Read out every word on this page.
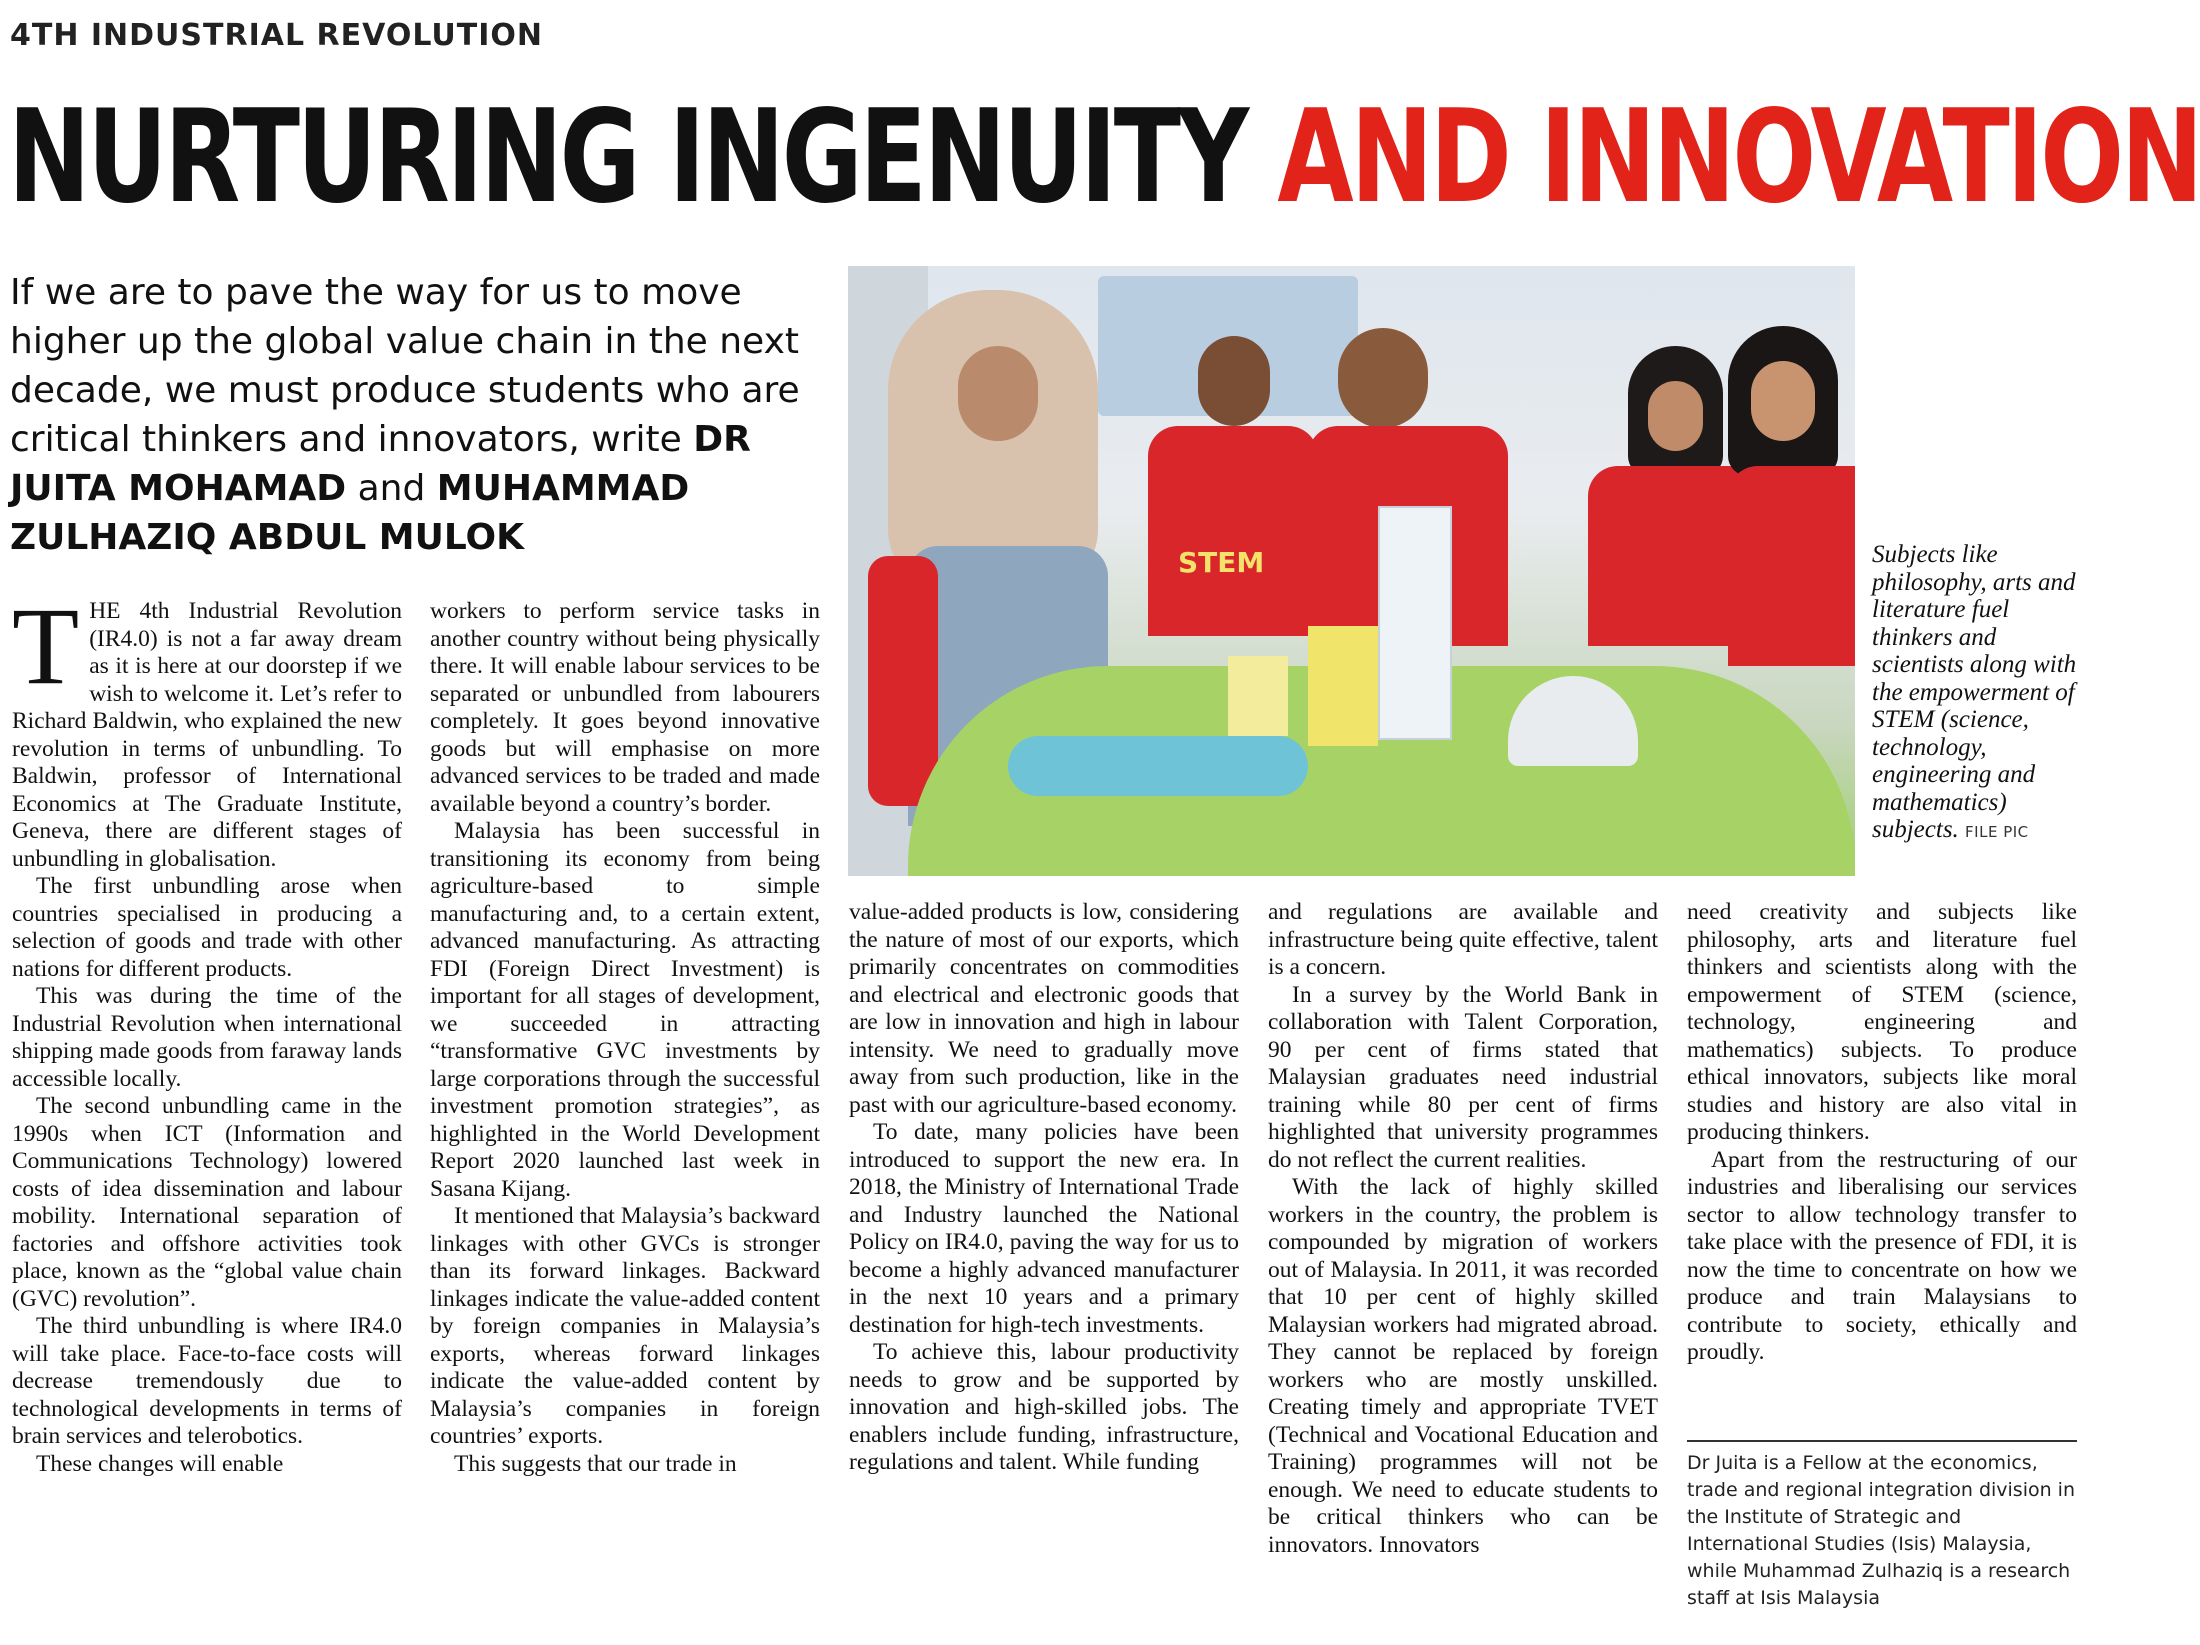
4TH INDUSTRIAL REVOLUTION
NURTURING INGENUITY AND INNOVATION
If we are to pave the way for us to move higher up the global value chain in the next decade, we must produce students who are critical thinkers and innovators, write DR JUITA MOHAMAD and MUHAMMAD ZULHAZIQ ABDUL MULOK
STEM	Subjects like philosophy, arts and literature fuel thinkers and scientists along with the empowerment of STEM (science, technology, engineering and mathematics) subjects. FILE PIC

THE 4th Industrial Revolution (IR4.0) is not a far away dream as it is here at our doorstep if we wish to welcome it. Let’s refer to Richard Baldwin, who explained the new revolution in terms of unbundling. To Baldwin, professor of International Economics at The Graduate Institute, Geneva, there are different stages of unbundling in globalisation.

The first unbundling arose when countries specialised in producing a selection of goods and trade with other nations for different products.

This was during the time of the Industrial Revolution when international shipping made goods from faraway lands accessible locally.

The second unbundling came in the 1990s when ICT (Information and Communications Technology) lowered costs of idea dissemination and labour mobility. International separation of factories and offshore activities took place, known as the “global value chain (GVC) revolution”.

The third unbundling is where IR4.0 will take place. Face-to-face costs will decrease tremendously due to technological developments in terms of brain services and telerobotics.

These changes will enable

workers to perform service tasks in another country without being physically there. It will enable labour services to be separated or unbundled from labourers completely. It goes beyond innovative goods but will emphasise on more advanced services to be traded and made available beyond a country’s border.

Malaysia has been successful in transitioning its economy from being agriculture-based to simple manufacturing and, to a certain extent, advanced manufacturing. As attracting FDI (Foreign Direct Investment) is important for all stages of development, we succeeded in attracting “transformative GVC investments by large corporations through the successful investment promotion strategies”, as highlighted in the World Development Report 2020 launched last week in Sasana Kijang.

It mentioned that Malaysia’s backward linkages with other GVCs is stronger than its forward linkages. Backward linkages indicate the value-added content by foreign companies in Malaysia’s exports, whereas forward linkages indicate the value-added content by Malaysia’s companies in foreign countries’ exports.

This suggests that our trade in

value-added products is low, considering the nature of most of our exports, which primarily concentrates on commodities and electrical and electronic goods that are low in innovation and high in labour intensity. We need to gradually move away from such production, like in the past with our agriculture-based economy.

To date, many policies have been introduced to support the new era. In 2018, the Ministry of International Trade and Industry launched the National Policy on IR4.0, paving the way for us to become a highly advanced manufacturer in the next 10 years and a primary destination for high-tech investments.

To achieve this, labour productivity needs to grow and be supported by innovation and high-skilled jobs. The enablers include funding, infrastructure, regulations and talent. While funding

and regulations are available and infrastructure being quite effective, talent is a concern.

In a survey by the World Bank in collaboration with Talent Corporation, 90 per cent of firms stated that Malaysian graduates need industrial training while 80 per cent of firms highlighted that university programmes do not reflect the current realities.

With the lack of highly skilled workers in the country, the problem is compounded by migration of workers out of Malaysia. In 2011, it was recorded that 10 per cent of highly skilled Malaysian workers had migrated abroad. They cannot be replaced by foreign workers who are mostly unskilled. Creating timely and appropriate TVET (Technical and Vocational Education and Training) programmes will not be enough. We need to educate students to be critical thinkers who can be innovators. Innovators

need creativity and subjects like philosophy, arts and literature fuel thinkers and scientists along with the empowerment of STEM (science, technology, engineering and mathematics) subjects. To produce ethical innovators, subjects like moral studies and history are also vital in producing thinkers.

Apart from the restructuring of our industries and liberalising our services sector to allow technology transfer to take place with the presence of FDI, it is now the time to concentrate on how we produce and train Malaysians to contribute to society, ethically and proudly.

Dr Juita is a Fellow at the economics, trade and regional integration division in the Institute of Strategic and International Studies (Isis) Malaysia, while Muhammad Zulhaziq is a research staff at Isis Malaysia
